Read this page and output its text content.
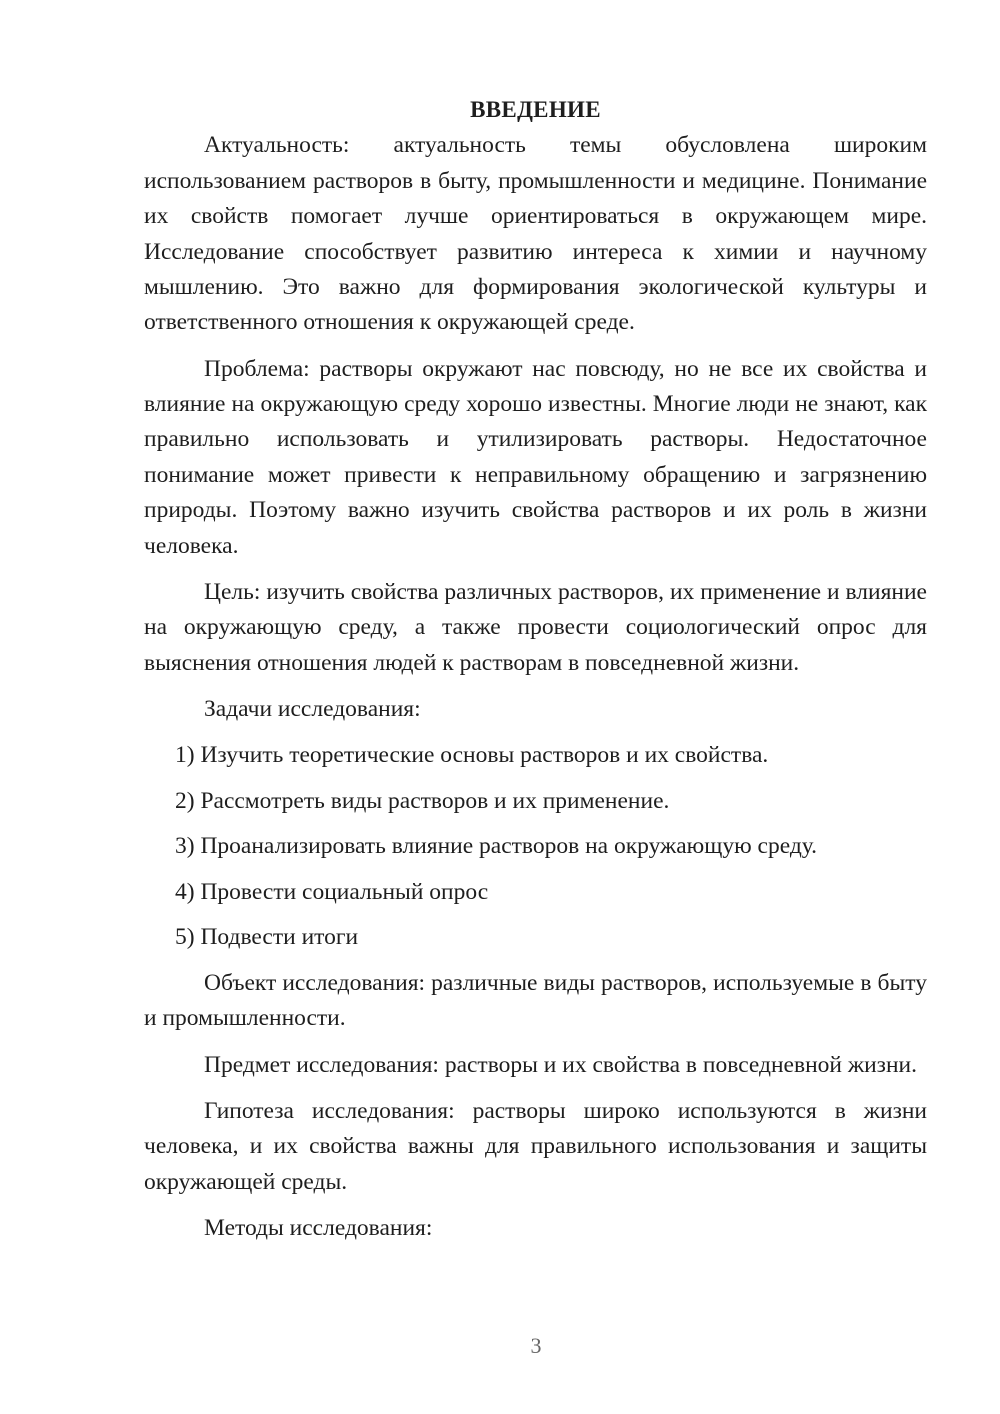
ВВЕДЕНИЕ

Актуальность: актуальность темы обусловлена широким использованием растворов в быту, промышленности и медицине. Понимание их свойств помогает лучше ориентироваться в окружающем мире. Исследование способствует развитию интереса к химии и научному мышлению. Это важно для формирования экологической культуры и ответственного отношения к окружающей среде.

Проблема: растворы окружают нас повсюду, но не все их свойства и влияние на окружающую среду хорошо известны. Многие люди не знают, как правильно использовать и утилизировать растворы. Недостаточное понимание может привести к неправильному обращению и загрязнению природы. Поэтому важно изучить свойства растворов и их роль в жизни человека.

Цель: изучить свойства различных растворов, их применение и влияние на окружающую среду, а также провести социологический опрос для выяснения отношения людей к растворам в повседневной жизни.

Задачи исследования:
1) Изучить теоретические основы растворов и их свойства.
2) Рассмотреть виды растворов и их применение.
3) Проанализировать влияние растворов на окружающую среду.
4) Провести социальный опрос
5) Подвести итоги

Объект исследования: различные виды растворов, используемые в быту и промышленности.

Предмет исследования: растворы и их свойства в повседневной жизни.

Гипотеза исследования: растворы широко используются в жизни человека, и их свойства важны для правильного использования и защиты окружающей среды.

Методы исследования:
3
